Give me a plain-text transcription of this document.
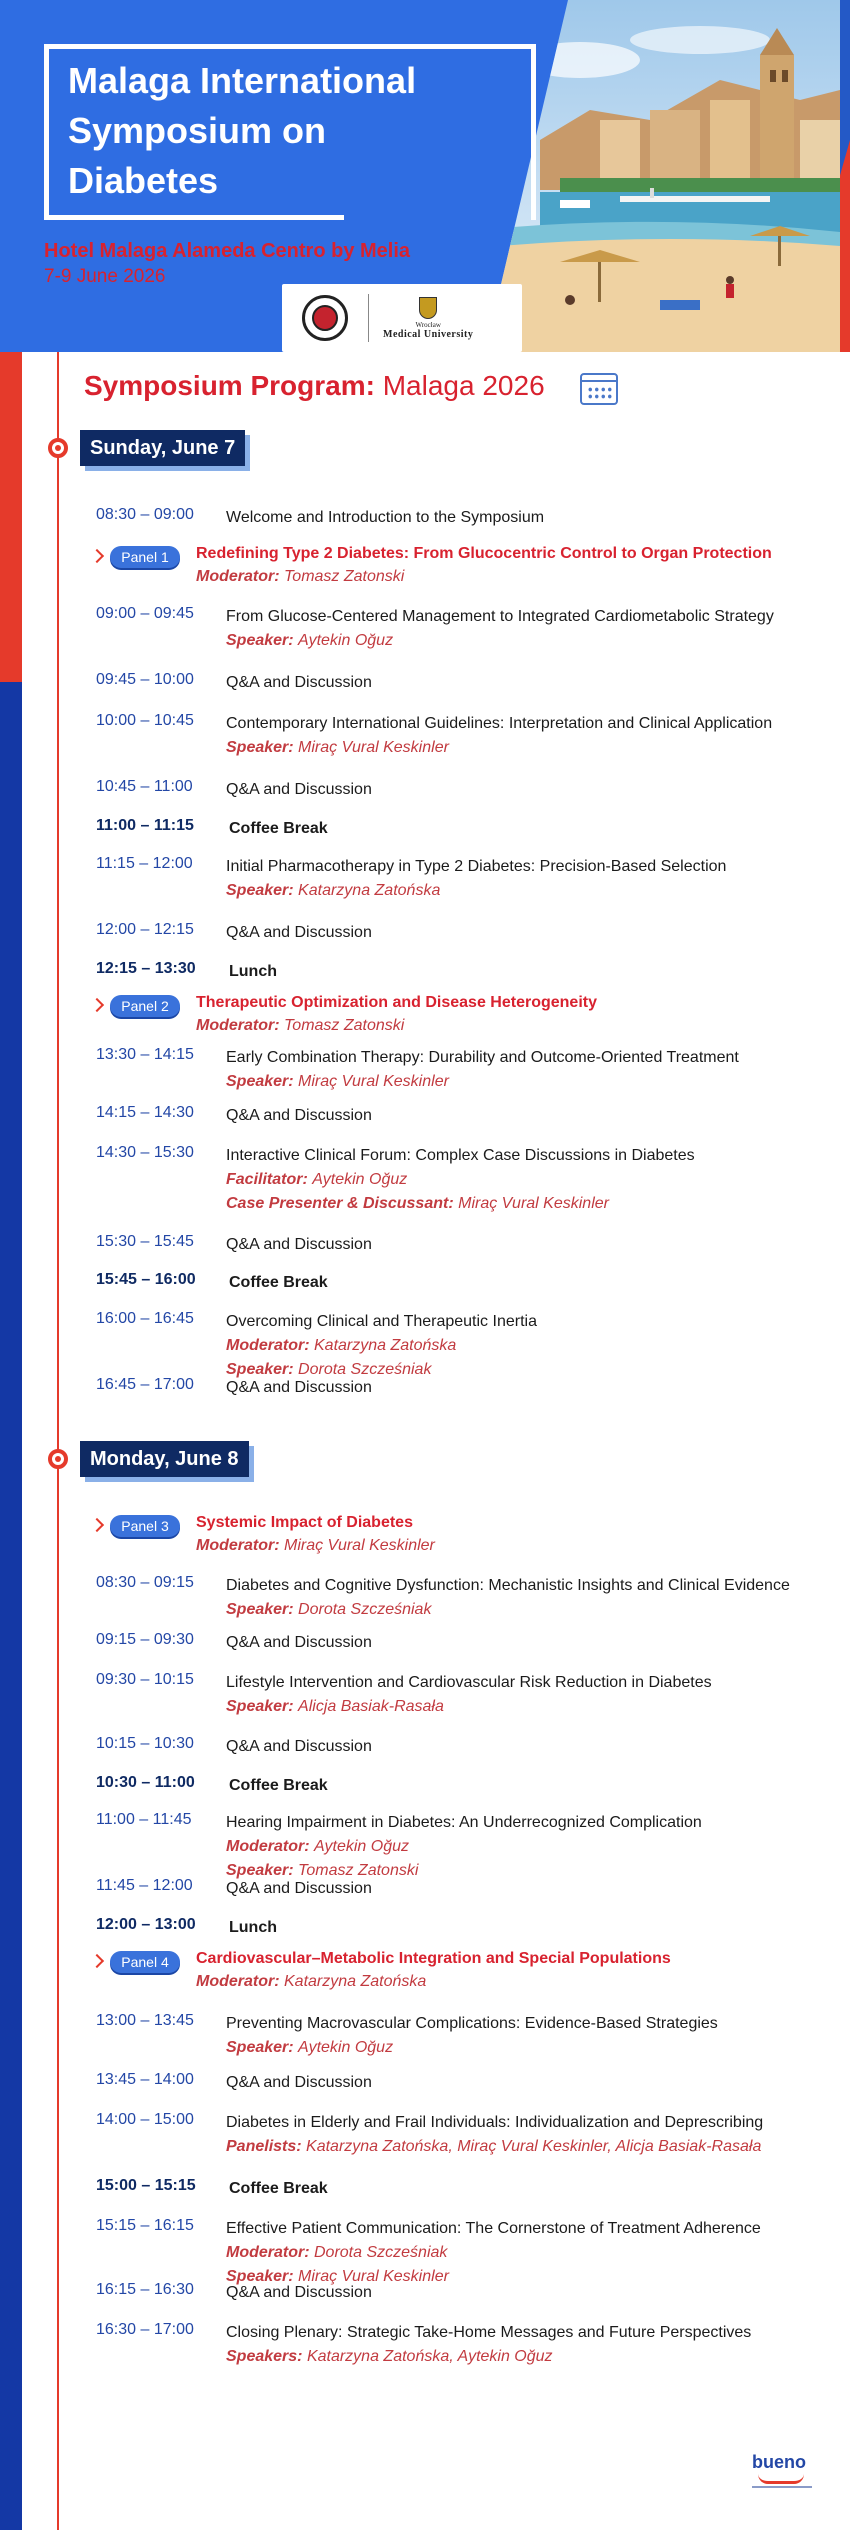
Malaga International
Symposium on
Diabetes
Hotel Malaga Alameda Centro by Melia
7-9 June 2026
Wrocław
Medical University
Symposium Program: Malaga 2026
Sunday, June 7
08:30 – 09:00 Welcome and Introduction to the Symposium
Panel 1	Redefining Type 2 Diabetes: From Glucocentric Control to Organ Protection
Moderator: Tomasz Zatonski
09:00 – 09:45 From Glucose-Centered Management to Integrated Cardiometabolic Strategy
Speaker: Aytekin Oğuz
09:45 – 10:00 Q&A and Discussion
10:00 – 10:45 Contemporary International Guidelines: Interpretation and Clinical Application
Speaker: Miraç Vural Keskinler
10:45 – 11:00 Q&A and Discussion
11:00 – 11:15 Coffee Break
11:15 – 12:00 Initial Pharmacotherapy in Type 2 Diabetes: Precision-Based Selection
Speaker: Katarzyna Zatońska
12:00 – 12:15 Q&A and Discussion
12:15 – 13:30 Lunch
Panel 2	Therapeutic Optimization and Disease Heterogeneity
Moderator: Tomasz Zatonski
13:30 – 14:15 Early Combination Therapy: Durability and Outcome-Oriented Treatment
Speaker: Miraç Vural Keskinler
14:15 – 14:30 Q&A and Discussion
14:30 – 15:30 Interactive Clinical Forum: Complex Case Discussions in Diabetes
Facilitator: Aytekin Oğuz
Case Presenter & Discussant: Miraç Vural Keskinler
15:30 – 15:45 Q&A and Discussion
15:45 – 16:00 Coffee Break
16:00 – 16:45 Overcoming Clinical and Therapeutic Inertia
Moderator: Katarzyna Zatońska
Speaker: Dorota Szcześniak
16:45 – 17:00 Q&A and Discussion
Monday, June 8
Panel 3	Systemic Impact of Diabetes
Moderator: Miraç Vural Keskinler
08:30 – 09:15 Diabetes and Cognitive Dysfunction: Mechanistic Insights and Clinical Evidence
Speaker: Dorota Szcześniak
09:15 – 09:30 Q&A and Discussion
09:30 – 10:15 Lifestyle Intervention and Cardiovascular Risk Reduction in Diabetes
Speaker: Alicja Basiak-Rasała
10:15 – 10:30 Q&A and Discussion
10:30 – 11:00 Coffee Break
11:00 – 11:45 Hearing Impairment in Diabetes: An Underrecognized Complication
Moderator: Aytekin Oğuz
Speaker: Tomasz Zatonski
11:45 – 12:00 Q&A and Discussion
12:00 – 13:00 Lunch
Panel 4	Cardiovascular–Metabolic Integration and Special Populations
Moderator: Katarzyna Zatońska
13:00 – 13:45 Preventing Macrovascular Complications: Evidence-Based Strategies
Speaker: Aytekin Oğuz
13:45 – 14:00 Q&A and Discussion
14:00 – 15:00 Diabetes in Elderly and Frail Individuals: Individualization and Deprescribing
Panelists: Katarzyna Zatońska, Miraç Vural Keskinler, Alicja Basiak-Rasała
15:00 – 15:15 Coffee Break
15:15 – 16:15 Effective Patient Communication: The Cornerstone of Treatment Adherence
Moderator: Dorota Szcześniak
Speaker: Miraç Vural Keskinler
16:15 – 16:30 Q&A and Discussion
16:30 – 17:00 Closing Plenary: Strategic Take-Home Messages and Future Perspectives
Speakers: Katarzyna Zatońska, Aytekin Oğuz
bueno
